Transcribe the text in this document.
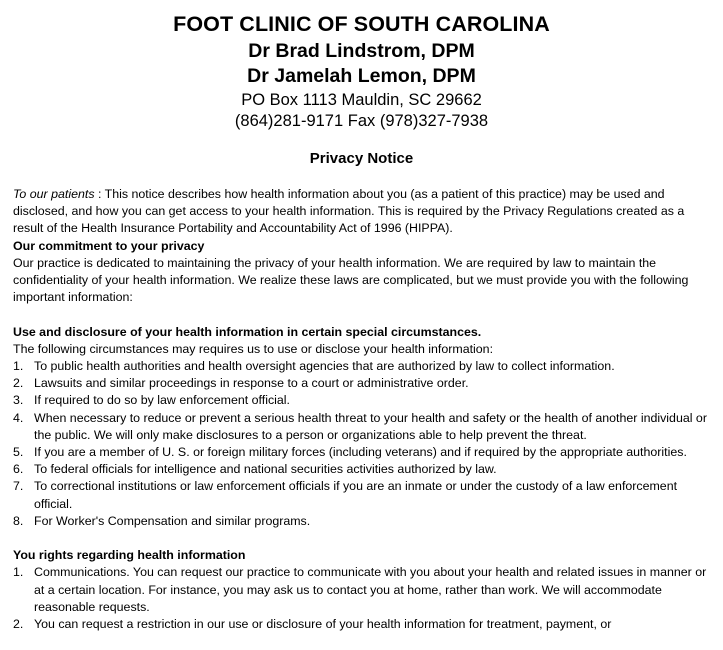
FOOT CLINIC OF SOUTH CAROLINA
Dr Brad Lindstrom, DPM
Dr Jamelah Lemon, DPM
PO Box 1113 Mauldin, SC 29662
(864)281-9171 Fax (978)327-7938
Privacy Notice

To our patients : This notice describes how health information about you (as a patient of this practice) may be used and disclosed, and how you can get access to your health information. This is required by the Privacy Regulations created as a result of the Health Insurance Portability and Accountability Act of 1996 (HIPPA).

Our commitment to your privacy

Our practice is dedicated to maintaining the privacy of your health information. We are required by law to maintain the confidentiality of your health information. We realize these laws are complicated, but we must provide you with the following important information:

Use and disclosure of your health information in certain special circumstances.

The following circumstances may requires us to use or disclose your health information:

1. To public health authorities and health oversight agencies that are authorized by law to collect information.
2. Lawsuits and similar proceedings in response to a court or administrative order.
3. If required to do so by law enforcement official.
4. When necessary to reduce or prevent a serious health threat to your health and safety or the health of another individual or the public. We will only make disclosures to a person or organizations able to help prevent the threat.
5. If you are a member of U. S. or foreign military forces (including veterans) and if required by the appropriate authorities.
6. To federal officials for intelligence and national securities activities authorized by law.
7. To correctional institutions or law enforcement officials if you are an inmate or under the custody of a law enforcement official.
8. For Worker's Compensation and similar programs.

You rights regarding health information

1. Communications. You can request our practice to communicate with you about your health and related issues in manner or at a certain location. For instance, you may ask us to contact you at home, rather than work. We will accommodate reasonable requests.
2. You can request a restriction in our use or disclosure of your health information for treatment, payment, or
